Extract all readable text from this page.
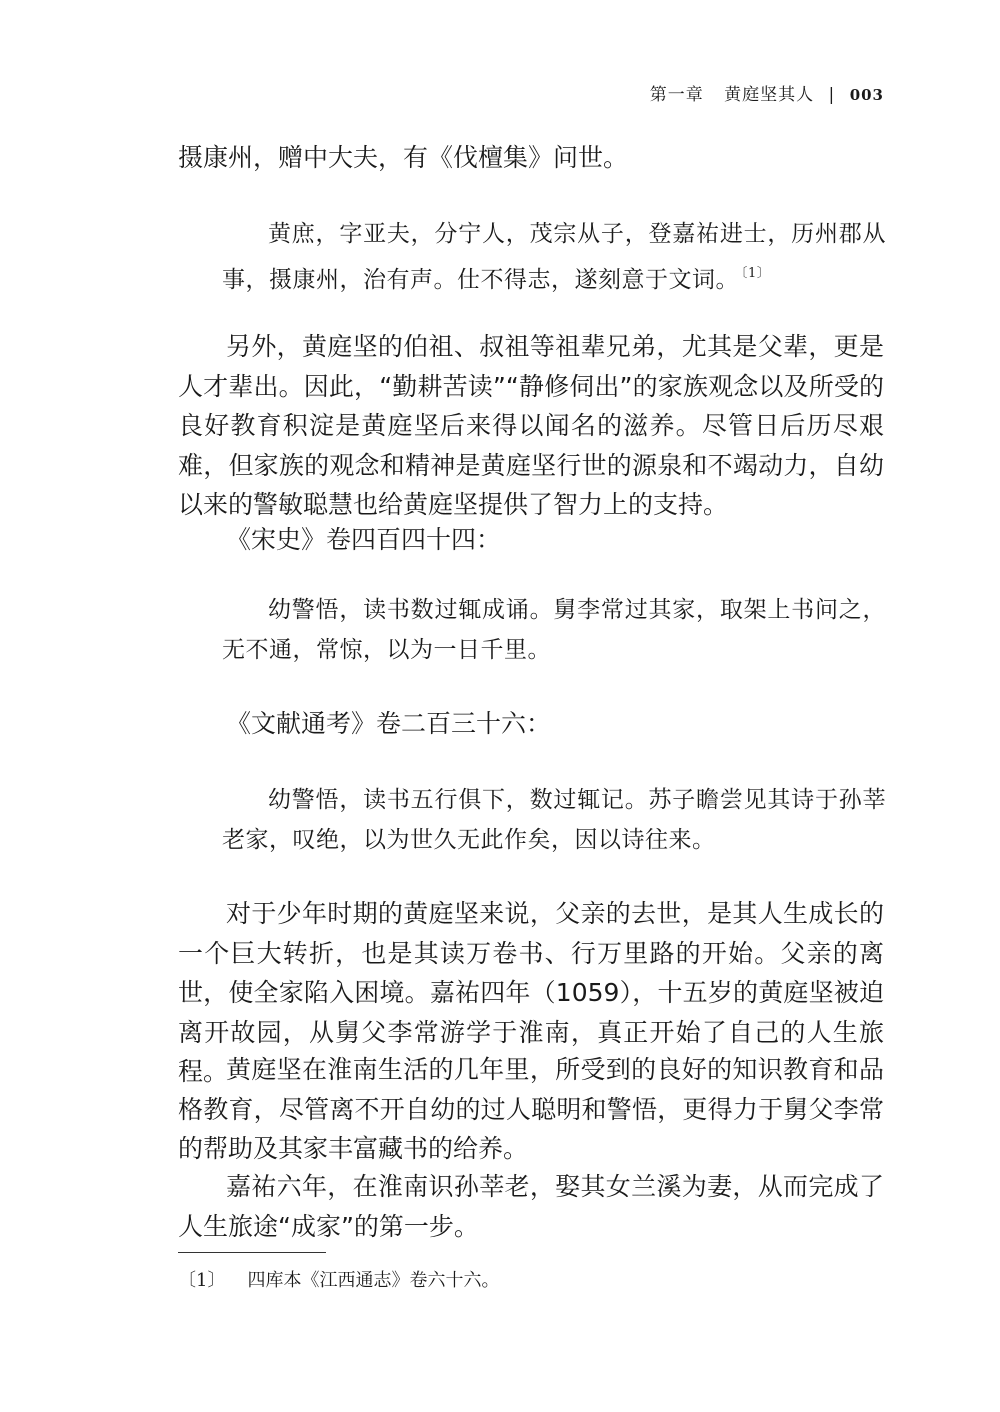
第一章 黄庭坚其人 | 003

摄康州，赠中大夫，有《伐檀集》问世。

黄庶，字亚夫，分宁人，茂宗从子，登嘉祐进士，历州郡从事，摄康州，治有声。仕不得志，遂刻意于文词。 $^{〔1〕}$

另外，黄庭坚的伯祖、叔祖等祖辈兄弟，尤其是父辈，更是人才辈出。因此，“勤耕苦读”“静修伺出”的家族观念以及所受的良好教育积淀是黄庭坚后来得以闻名的滋养。尽管日后历尽艰难，但家族的观念和精神是黄庭坚行世的源泉和不竭动力，自幼以来的警敏聪慧也给黄庭坚提供了智力上的支持。

《宋史》卷四百四十四：

幼警悟，读书数过辄成诵。舅李常过其家，取架上书问之，无不通，常惊，以为一日千里。

《文献通考》卷二百三十六：

幼警悟，读书五行俱下，数过辄记。苏子瞻尝见其诗于孙莘老家，叹绝，以为世久无此作矣，因以诗往来。

对于少年时期的黄庭坚来说，父亲的去世，是其人生成长的一个巨大转折，也是其读万卷书、行万里路的开始。父亲的离世，使全家陷入困境。嘉祐四年（1059），十五岁的黄庭坚被迫离开故园，从舅父李常游学于淮南，真正开始了自己的人生旅程。

黄庭坚在淮南生活的几年里，所受到的良好的知识教育和品格教育，尽管离不开自幼的过人聪明和警悟，更得力于舅父李常的帮助及其家丰富藏书的给养。

嘉祐六年，在淮南识孙莘老，娶其女兰溪为妻，从而完成了人生旅途“成家”的第一步。

〔1〕 四库本《江西通志》卷六十六。
